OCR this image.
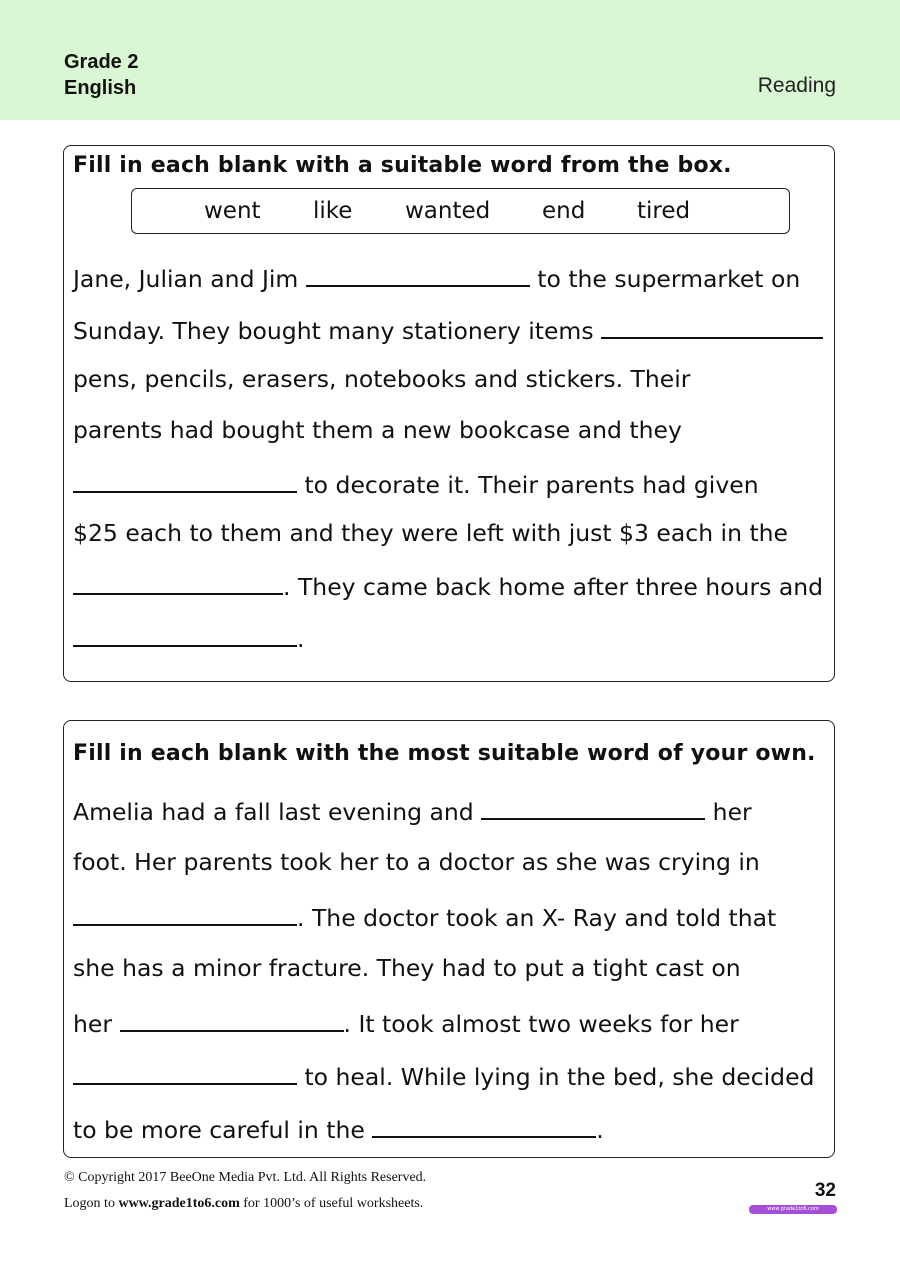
Grade 2
English	Reading
Fill in each blank with a suitable word from the box.
went like wanted end tired
Jane, Julian and Jim	to the supermarket on
Sunday. They bought many stationery items
pens, pencils, erasers, notebooks and stickers. Their
parents had bought them a new bookcase and they
to decorate it. Their parents had given
$25 each to them and they were left with just $3 each in the
. They came back home after three hours and
.
Fill in each blank with the most suitable word of your own.
Amelia had a fall last evening and	her
foot. Her parents took her to a doctor as she was crying in
. The doctor took an X- Ray and told that
she has a minor fracture. They had to put a tight cast on
her	. It took almost two weeks for her
to heal. While lying in the bed, she decided
to be more careful in the	.
© Copyright 2017 BeeOne Media Pvt. Ltd. All Rights Reserved.
Logon to www.grade1to6.com for 1000’s of useful worksheets.
32
www.grade1to6.com
